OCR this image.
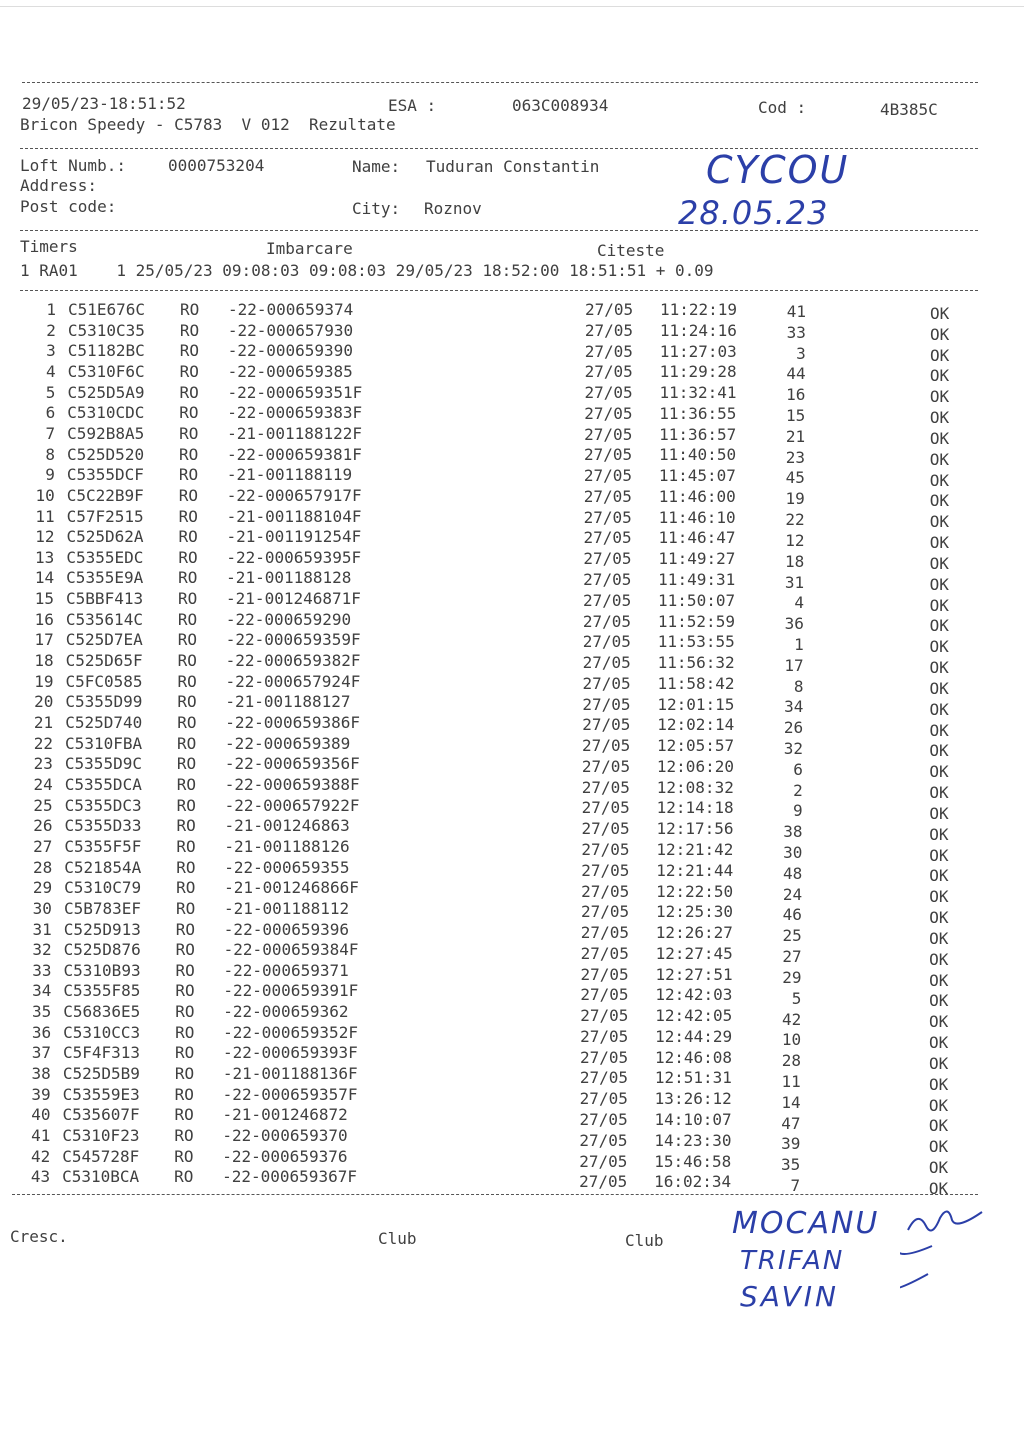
29/05/23-18:51:52	ESA :	063C008934	Cod :	4B385C
Bricon Speedy - C5783  V 012  Rezultate
Loft Numb.:	0000753204	Name: Tuduran Constantin
Address:
Post code:	City: Roznov
CYCOU
28.05.23
Timers	Imbarcare	Citeste
1 RA01    1 25/05/23 09:08:03 09:08:03 29/05/23 18:52:00 18:51:51 + 0.09
1 C51E676C RO -22-000659374	27/05 11:22:19	41	OK
2 C5310C35 RO -22-000657930	27/05 11:24:16	33	OK
3 C51182BC RO -22-000659390	27/05 11:27:03	3	OK
4 C5310F6C RO -22-000659385	27/05 11:29:28	44	OK
5 C525D5A9 RO -22-000659351F	27/05 11:32:41	16	OK
6 C5310CDC RO -22-000659383F	27/05 11:36:55	15	OK
7 C592B8A5 RO -21-001188122F	27/05 11:36:57	21	OK
8 C525D520 RO -22-000659381F	27/05 11:40:50	23	OK
9 C5355DCF RO -21-001188119	27/05 11:45:07	45	OK
10 C5C22B9F RO -22-000657917F	27/05 11:46:00	19	OK
11 C57F2515 RO -21-001188104F	27/05 11:46:10	22	OK
12 C525D62A RO -21-001191254F	27/05 11:46:47	12	OK
13 C5355EDC RO -22-000659395F	27/05 11:49:27	18	OK
14 C5355E9A RO -21-001188128	27/05 11:49:31	31	OK
15 C5BBF413 RO -21-001246871F	27/05 11:50:07	4	OK
16 C535614C RO -22-000659290	27/05 11:52:59	36	OK
17 C525D7EA RO -22-000659359F	27/05 11:53:55	1	OK
18 C525D65F RO -22-000659382F	27/05 11:56:32	17	OK
19 C5FC0585 RO -22-000657924F	27/05 11:58:42	8	OK
20 C5355D99 RO -21-001188127	27/05 12:01:15	34	OK
21 C525D740 RO -22-000659386F	27/05 12:02:14	26	OK
22 C5310FBA RO -22-000659389	27/05 12:05:57	32	OK
23 C5355D9C RO -22-000659356F	27/05 12:06:20	6	OK
24 C5355DCA RO -22-000659388F	27/05 12:08:32	2	OK
25 C5355DC3 RO -22-000657922F	27/05 12:14:18	9	OK
26 C5355D33 RO -21-001246863	27/05 12:17:56	38	OK
27 C5355F5F RO -21-001188126	27/05 12:21:42	30	OK
28 C521854A RO -22-000659355	27/05 12:21:44	48	OK
29 C5310C79 RO -21-001246866F	27/05 12:22:50	24	OK
30 C5B783EF RO -21-001188112	27/05 12:25:30	46	OK
31 C525D913 RO -22-000659396	27/05 12:26:27	25	OK
32 C525D876 RO -22-000659384F	27/05 12:27:45	27	OK
33 C5310B93 RO -22-000659371	27/05 12:27:51	29	OK
34 C5355F85 RO -22-000659391F	27/05 12:42:03	5	OK
35 C56836E5 RO -22-000659362	27/05 12:42:05	42	OK
36 C5310CC3 RO -22-000659352F	27/05 12:44:29	10	OK
37 C5F4F313 RO -22-000659393F	27/05 12:46:08	28	OK
38 C525D5B9 RO -21-001188136F	27/05 12:51:31	11	OK
39 C53559E3 RO -22-000659357F	27/05 13:26:12	14	OK
40 C535607F RO -21-001246872	27/05 14:10:07	47	OK
41 C5310F23 RO -22-000659370	27/05 14:23:30	39	OK
42 C545728F RO -22-000659376	27/05 15:46:58	35	OK
43 C5310BCA RO -22-000659367F	27/05 16:02:34	7	OK
Cresc.	Club	Club MOCANU
TRIFAN
SAVIN
